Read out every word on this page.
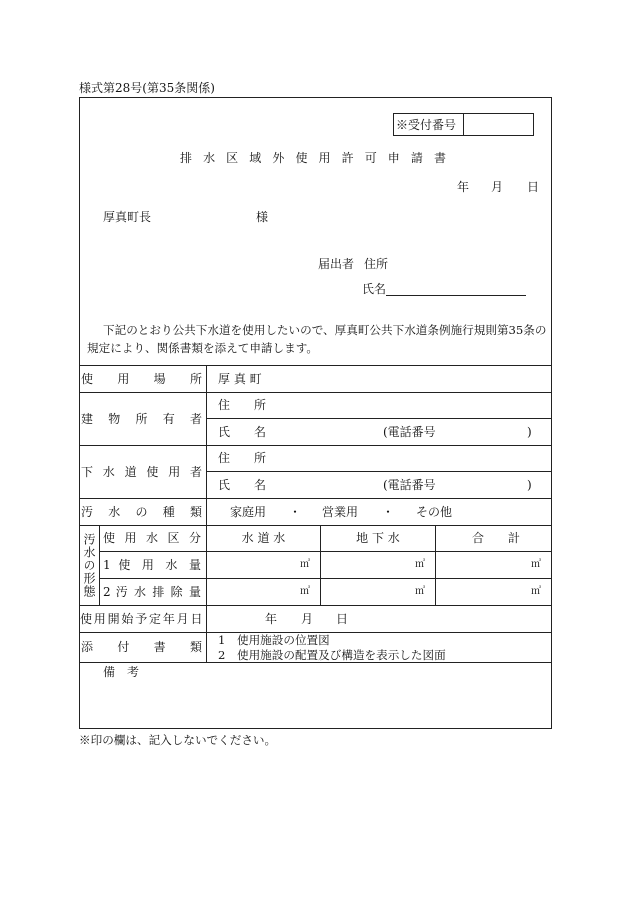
様式第28号(第35条関係)
※受付番号
排 水 区 域 外 使 用 許 可 申 請 書
年 月 日
厚真町長	様
届出者 住所
氏名
下記のとおり公共下水道を使用したいので、厚真町公共下水道条例施行規則第35条の規定により、関係書類を添えて申請します。
使 用 場 所 厚 真 町
建 物 所 有 者
住　　所
氏　　名	(電話番号	)
下 水 道 使 用 者
住　　所
氏　　名	(電話番号	)
汚 水 の 種 類 家庭用 ・ 営業用 ・ その他
汚水の形態 使 用 水 区 分	水 道 水	地 下 水	合　　計
1 使 用 水 量	㎥	㎥	㎥
2 汚 水 排 除 量	㎥	㎥	㎥
使用開始予定年月日	年 月 日
添 付 書 類 1　使用施設の位置図
2　使用施設の配置及び構造を表示した図面
備　考
※印の欄は、記入しないでください。
